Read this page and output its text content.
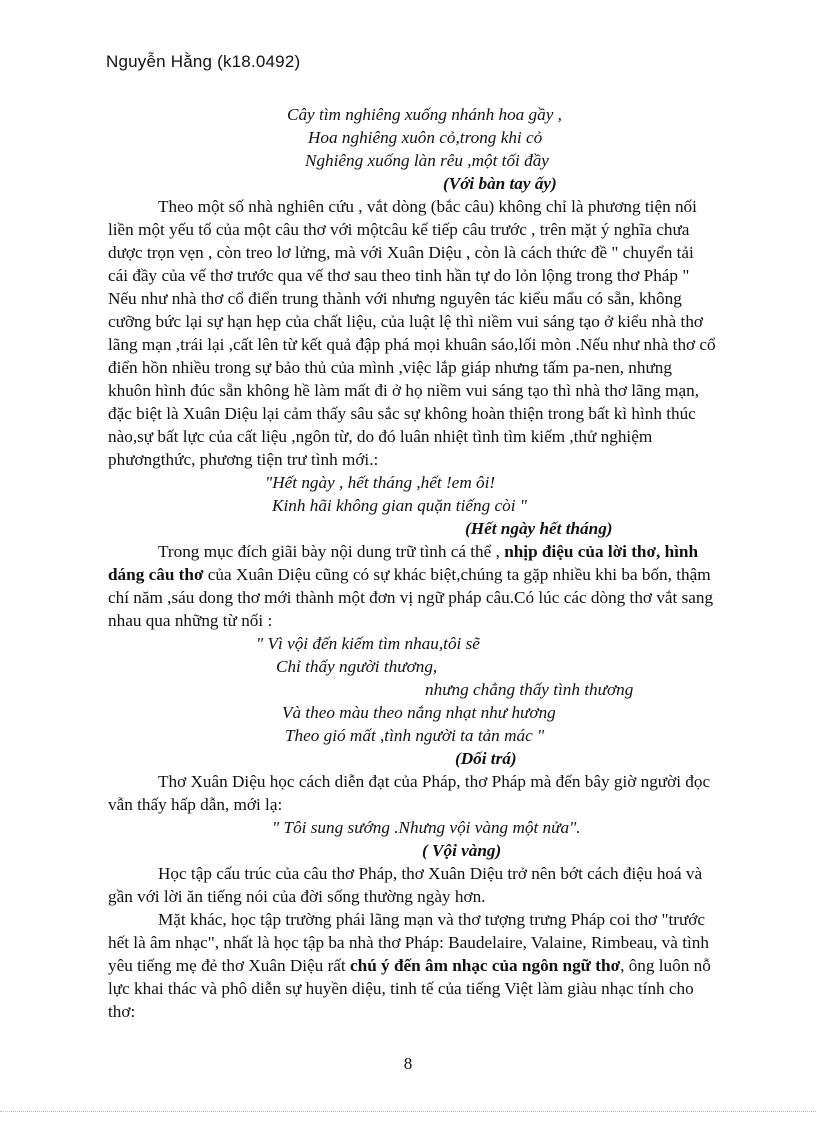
Nguyễn Hằng (k18.0492)
Cây tìm nghiêng xuống nhánh hoa gầy ,
Hoa nghiêng xuôn cỏ,trong khi cỏ
Nghiêng xuống làn rêu ,một tối đầy
(Với bàn tay ấy)
Theo một số nhà nghiên cứu , vắt dòng (bắc câu) không chỉ là phương tiện nối
liền một yếu tố của một câu thơ với mộtcâu kế tiếp câu trước , trên mặt ý nghĩa chưa
dược trọn vẹn , còn treo lơ lửng, mà với Xuân Diệu , còn là cách thức đề " chuyển tải
cái đầy của vế thơ trước qua vế thơ sau theo tinh hần tự do lỏn lộng trong thơ Pháp "
Nếu như nhà thơ cổ điển trung thành với nhưng nguyên tác kiểu mẩu có sẵn, không
cưỡng bức lại sự hạn hẹp của chất liệu, của luật lệ thì niềm vui sáng tạo ở kiểu nhà thơ
lãng mạn ,trái lại ,cất lên từ kết quả đập phá mọi khuân sáo,lối mòn .Nếu như nhà thơ cổ
điển hồn nhiều trong sự bảo thủ của mình ,việc lắp giáp nhưng tấm pa-nen, nhưng
khuôn hình đúc sẵn không hề làm mất đi ở họ niềm vui sáng tạo thì nhà thơ lãng mạn,
đặc biệt là Xuân Diệu lại cảm thấy sâu sắc sự không hoàn thiện trong bất kì hình thúc
nào,sự bất lực của cất liệu ,ngôn từ, do đó luân nhiệt tình tìm kiếm ,thử nghiệm
phươngthức, phương tiện trư tình mới.:
"Hết ngày , hết tháng ,hết !em ôi!
Kinh hãi không gian quặn tiếng còi "
(Hết ngày hết tháng)
Trong mục đích giãi bày nội dung trữ tình cá thể , nhịp điệu của lời thơ, hình
dáng câu thơ của Xuân Diệu cũng có sự khác biệt,chúng ta gặp nhiều khi ba bốn, thậm
chí năm ,sáu dong thơ mới thành một đơn vị ngữ pháp câu.Có lúc các dòng thơ vắt sang
nhau qua những từ nối :
" Vì vội đến kiếm tìm nhau,tôi sẽ
Chỉ thấy người thương,
nhưng chẳng thấy tình thương
Và theo màu theo nắng nhạt như hương
Theo gió mất ,tình người ta tản mác "
(Dối trá)
Thơ Xuân Diệu học cách diễn đạt của Pháp, thơ Pháp mà đến bây giờ người đọc
vẫn thấy hấp dẫn, mới lạ:
" Tôi sung sướng .Nhưng vội vàng một nửa".
( Vội vàng)
Học tập cấu trúc của câu thơ Pháp, thơ Xuân Diệu trở nên bớt cách điệu hoá và
gần với lời ăn tiếng nói của đời sống thường ngày hơn.
Mặt khác, học tập trường phái lãng mạn và thơ tượng trưng Pháp coi thơ "trước
hết là âm nhạc", nhất là học tập ba nhà thơ Pháp: Baudelaire, Valaine, Rimbeau, và tình
yêu tiếng mẹ đẻ thơ Xuân Diệu rất chú ý đến âm nhạc của ngôn ngữ thơ, ông luôn nỗ
lực khai thác và phô diễn sự huyền diệu, tinh tế của tiếng Việt làm giàu nhạc tính cho
thơ:
8
